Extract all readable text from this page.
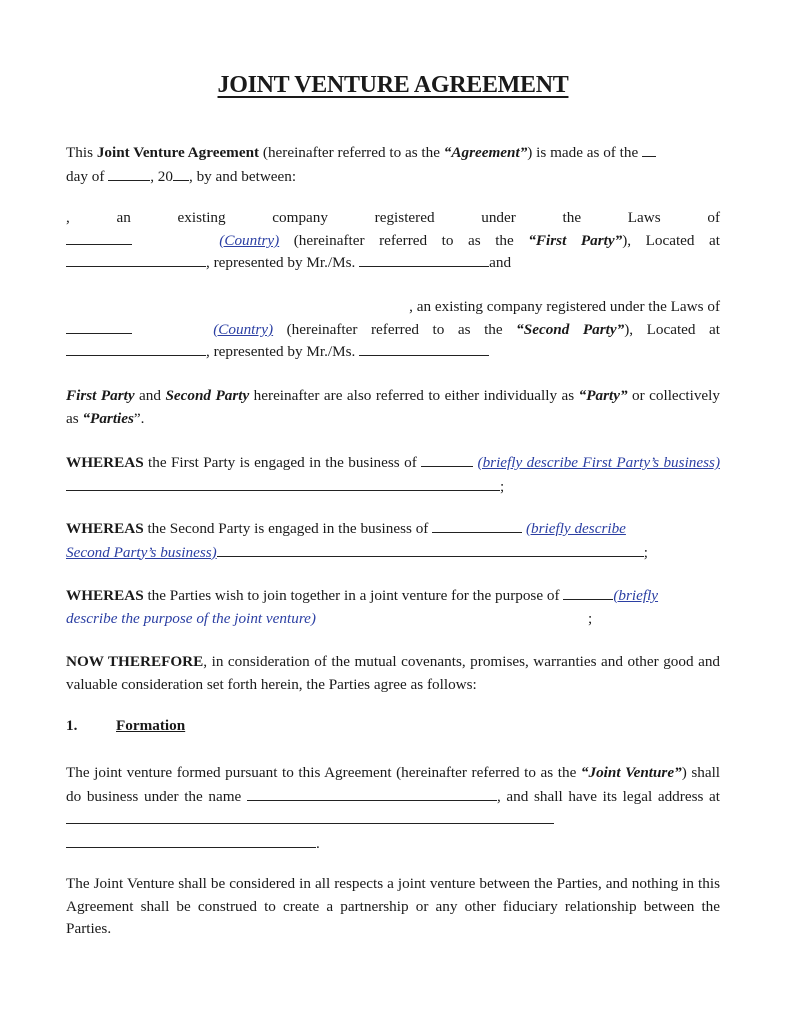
JOINT VENTURE AGREEMENT

This Joint Venture Agreement (hereinafter referred to as the “Agreement”) is made as of the
day of	, 20 , by and between:

, an existing company registered under the Laws of

(Country) (hereinafter referred to as the “First Party”), Located at

, represented by Mr./Ms.	and

, an existing company registered under the Laws of

(Country) (hereinafter referred to as the “Second Party”), Located at

, represented by Mr./Ms.

First Party and Second Party hereinafter are also referred to either individually as “Party” or collectively as “Parties”.

WHEREAS the First Party is engaged in the business of	(briefly describe First Party’s business);

WHEREAS the Second Party is engaged in the business of	(briefly describe
Second Party’s business)	;

WHEREAS the Parties wish to join together in a joint venture for the purpose of	(briefly
describe the purpose of the joint venture)	;

NOW THEREFORE, in consideration of the mutual covenants, promises, warranties and other good and valuable consideration set forth herein, the Parties agree as follows:

1.	Formation

The joint venture formed pursuant to this Agreement (hereinafter referred to as the “Joint Venture”) shall do business under the name	, and shall have its legal address at
.

The Joint Venture shall be considered in all respects a joint venture between the Parties, and nothing in this Agreement shall be construed to create a partnership or any other fiduciary relationship between the Parties.
